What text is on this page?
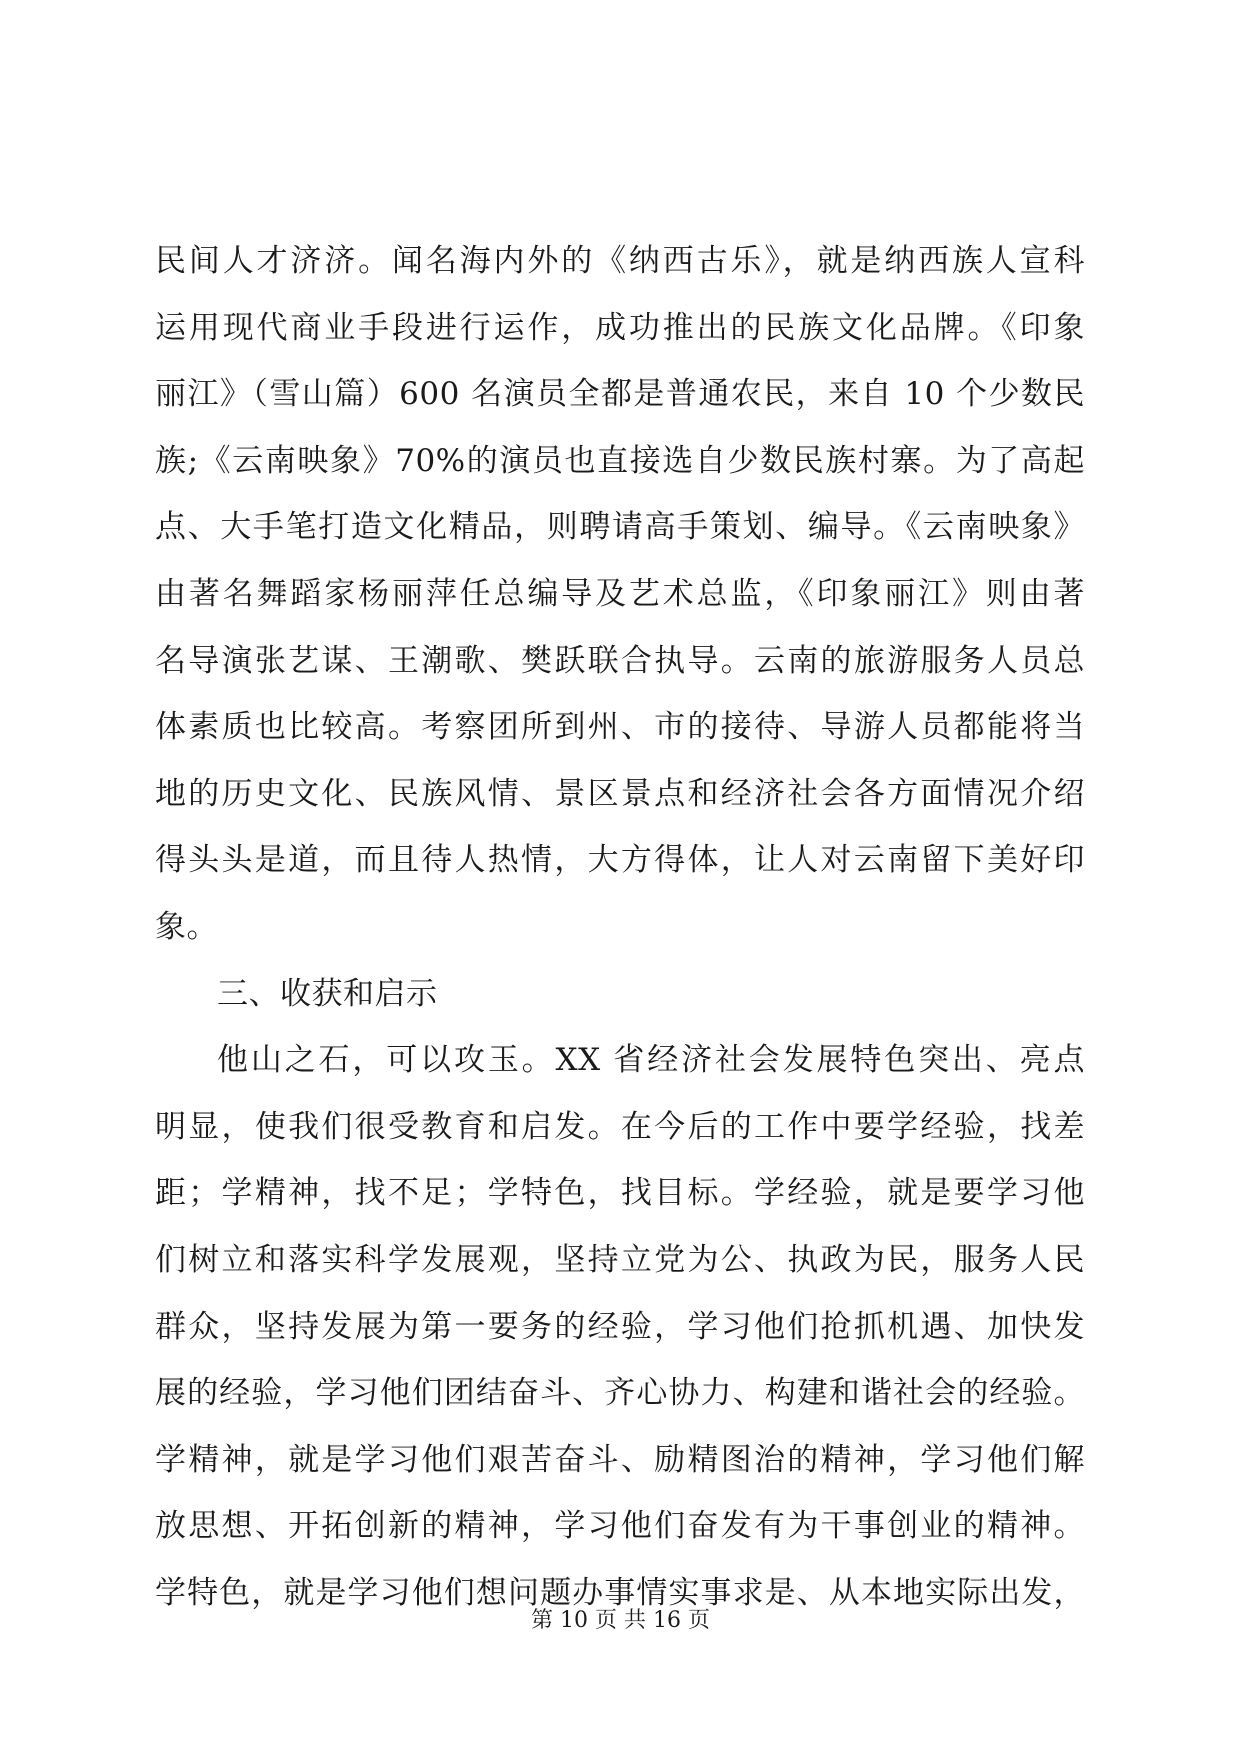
民间人才济济。闻名海内外的《纳西古乐》，就是纳西族人宣科
运用现代商业手段进行运作，成功推出的民族文化品牌。《印象
丽江》（雪山篇）600 名演员全都是普通农民，来自 10 个少数民
族;《云南映象》70%的演员也直接选自少数民族村寨。为了高起
点、大手笔打造文化精品，则聘请高手策划、编导。《云南映象》
由著名舞蹈家杨丽萍任总编导及艺术总监，《印象丽江》则由著
名导演张艺谋、王潮歌、樊跃联合执导。云南的旅游服务人员总
体素质也比较高。考察团所到州、市的接待、导游人员都能将当
地的历史文化、民族风情、景区景点和经济社会各方面情况介绍
得头头是道，而且待人热情，大方得体，让人对云南留下美好印
象。
三、收获和启示
他山之石，可以攻玉。XX 省经济社会发展特色突出、亮点
明显，使我们很受教育和启发。在今后的工作中要学经验，找差
距；学精神，找不足；学特色，找目标。学经验，就是要学习他
们树立和落实科学发展观，坚持立党为公、执政为民，服务人民
群众，坚持发展为第一要务的经验，学习他们抢抓机遇、加快发
展的经验，学习他们团结奋斗、齐心协力、构建和谐社会的经验。
学精神，就是学习他们艰苦奋斗、励精图治的精神，学习他们解
放思想、开拓创新的精神，学习他们奋发有为干事创业的精神。
学特色，就是学习他们想问题办事情实事求是、从本地实际出发，
第 10 页 共 16 页
